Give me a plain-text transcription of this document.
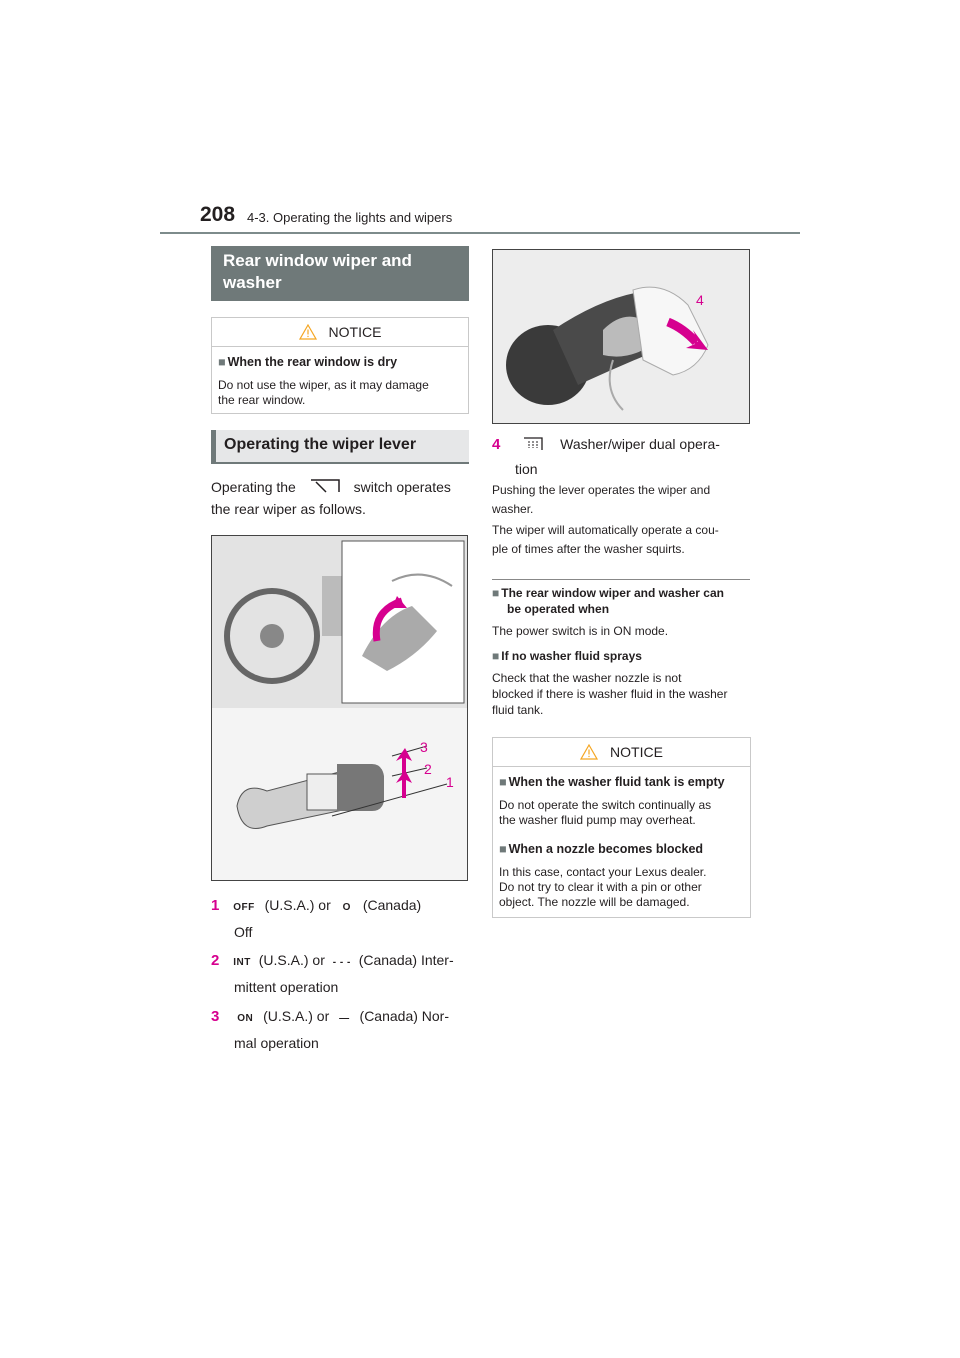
208 4-3. Operating the lights and wipers
Rear window wiper and
washer
NOTICE
■ When the rear window is dry
Do not use the wiper, as it may damage
the rear window.
Operating the wiper lever
Operating the	switch operates
the rear wiper as follows.
3
2
1
1 OFF (U.S.A.) or O (Canada)
Off
2 INT (U.S.A.) or - - - (Canada) Inter-
mittent operation
3 ON (U.S.A.) or — (Canada) Nor-
mal operation
4
4	Washer/wiper dual opera-
tion
Pushing the lever operates the wiper and
washer.
The wiper will automatically operate a cou-
ple of times after the washer squirts.
■ The rear window wiper and washer can
be operated when
The power switch is in ON mode.
■ If no washer fluid sprays
Check that the washer nozzle is not
blocked if there is washer fluid in the washer
fluid tank.
NOTICE
■ When the washer fluid tank is empty

Do not operate the switch continually as
the washer fluid pump may overheat.

■ When a nozzle becomes blocked
In this case, contact your Lexus dealer.
Do not try to clear it with a pin or other
object. The nozzle will be damaged.
